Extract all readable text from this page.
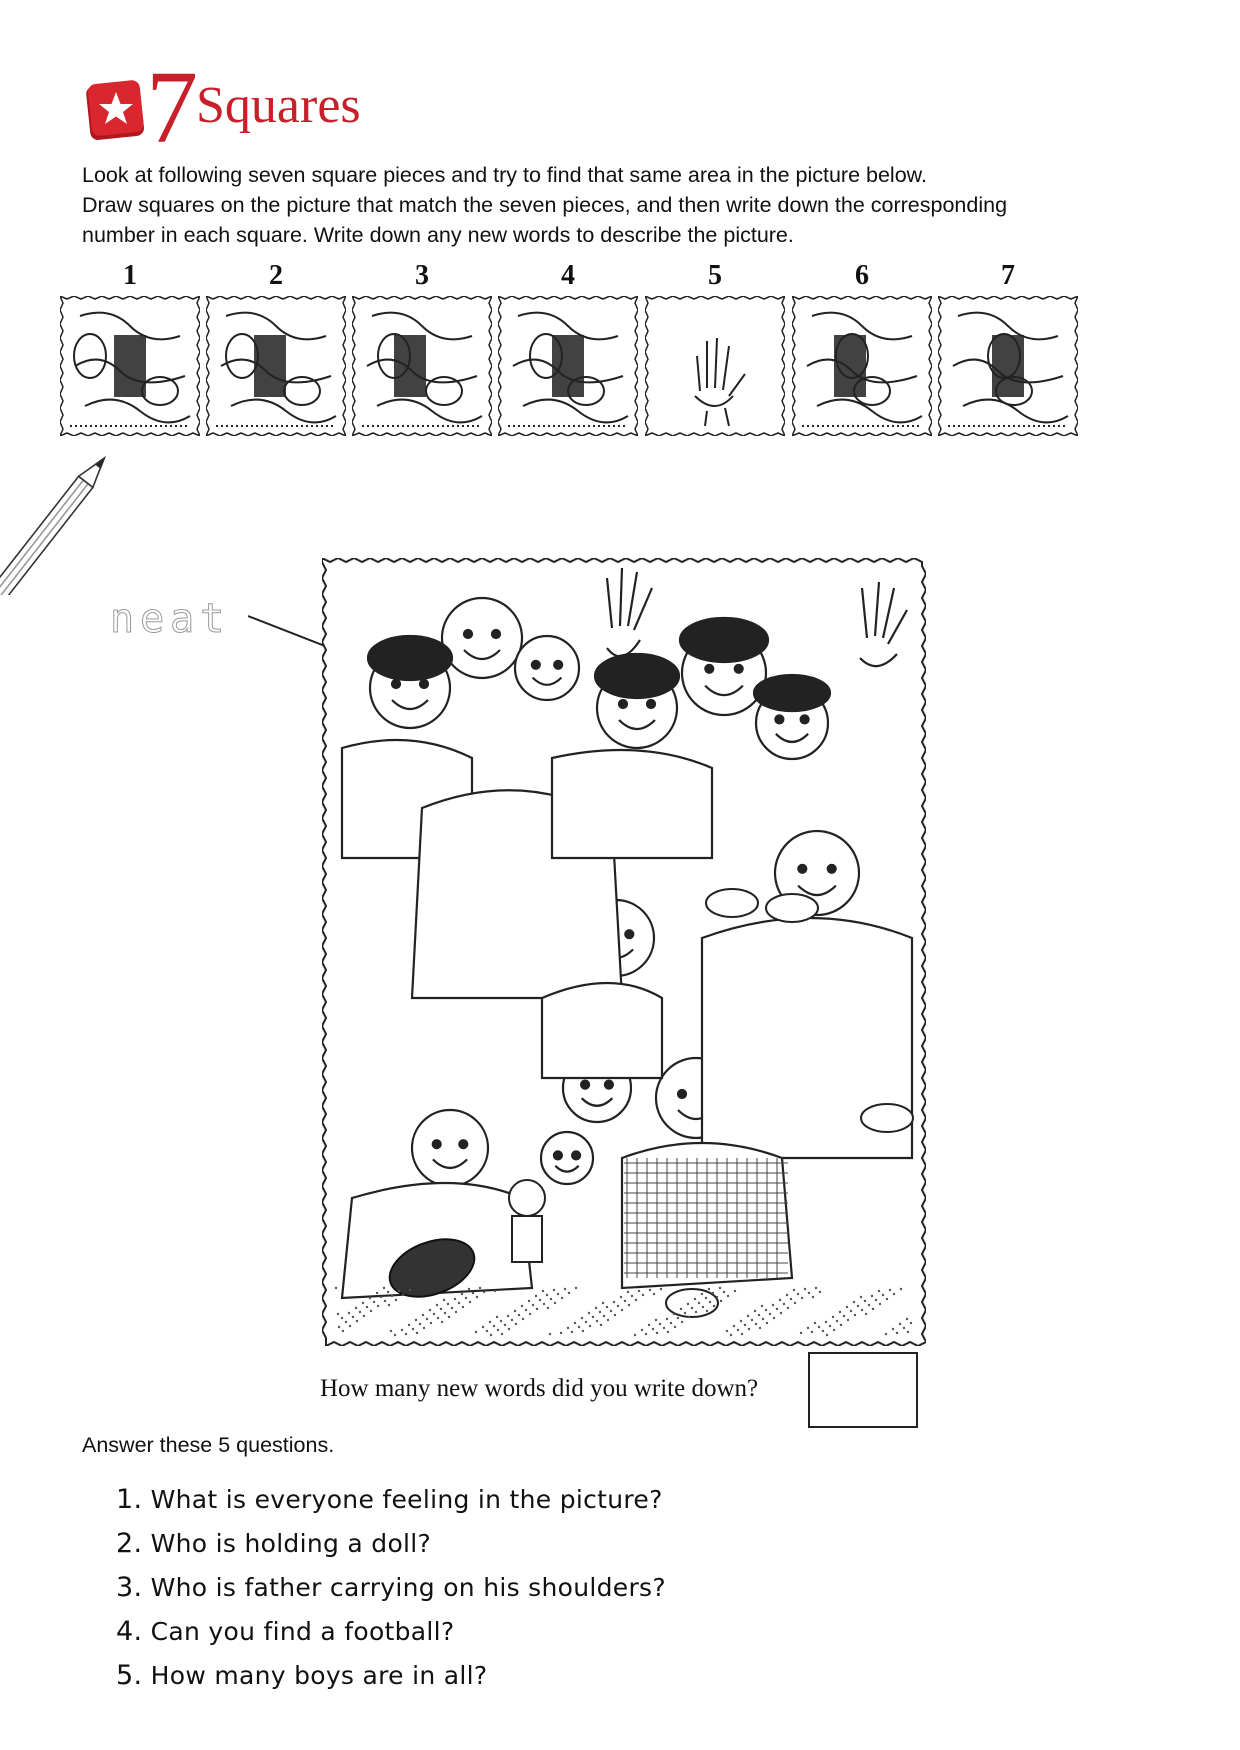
7
Squares

Look at following seven square pieces and try to find that same area in the picture below.

Draw squares on the picture that match the seven pieces, and then write down the corresponding

number in each square. Write down any new words to describe the picture.

1	2	3	4	5	6	7
neat
How many new words did you write down?
Answer these 5 questions.
1. What is everyone feeling in the picture?
2. Who is holding a doll?
3. Who is father carrying on his shoulders?
4. Can you find a football?
5. How many boys are in all?
